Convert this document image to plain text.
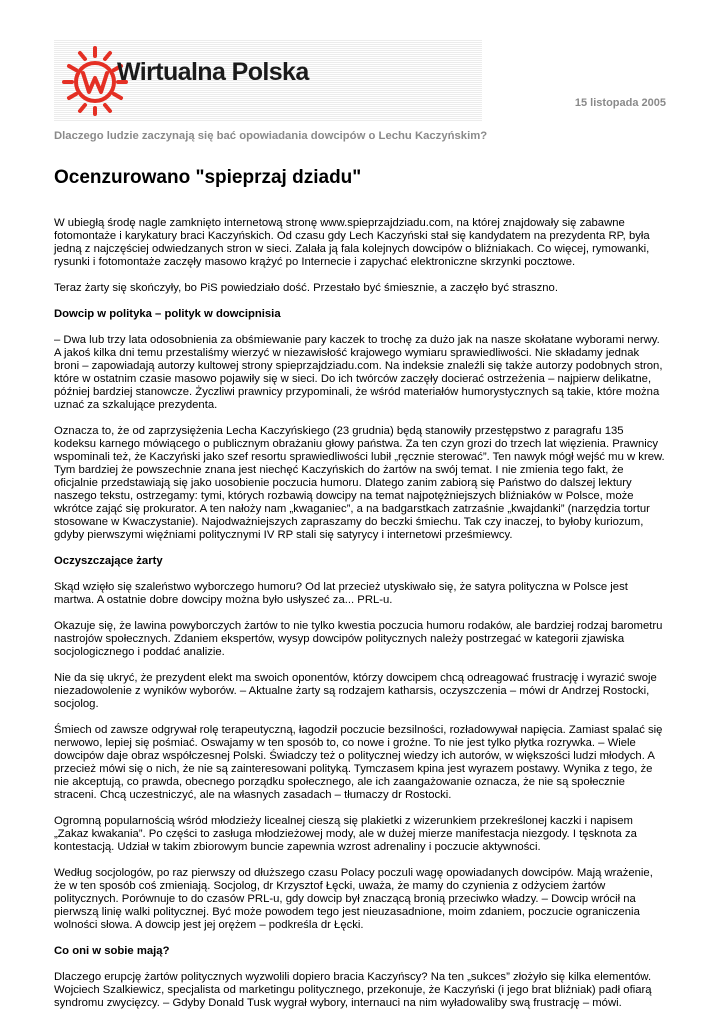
Wirtualna Polska
15 listopada 2005

Dlaczego ludzie zaczynają się bać opowiadania dowcipów o Lechu Kaczyńskim?

Ocenzurowano "spieprzaj dziadu"

W ubiegłą środę nagle zamknięto internetową stronę www.spieprzajdziadu.com, na której znajdowały się zabawne fotomontaże i karykatury braci Kaczyńskich. Od czasu gdy Lech Kaczyński stał się kandydatem na prezydenta RP, była jedną z najczęściej odwiedzanych stron w sieci. Zalała ją fala kolejnych dowcipów o bliźniakach. Co więcej, rymowanki, rysunki i fotomontaże zaczęły masowo krążyć po Internecie i zapychać elektroniczne skrzynki pocztowe.

Teraz żarty się skończyły, bo PiS powiedziało dość. Przestało być śmiesznie, a zaczęło być straszno.

Dowcip w polityka – polityk w dowcipnisia

– Dwa lub trzy lata odosobnienia za obśmiewanie pary kaczek to trochę za dużo jak na nasze skołatane wyborami nerwy. A jakoś kilka dni temu przestaliśmy wierzyć w niezawisłość krajowego wymiaru sprawiedliwości. Nie składamy jednak broni – zapowiadają autorzy kultowej strony spieprzajdziadu.com. Na indeksie znaleźli się także autorzy podobnych stron, które w ostatnim czasie masowo pojawiły się w sieci. Do ich twórców zaczęły docierać ostrzeżenia – najpierw delikatne, później bardziej stanowcze. Życzliwi prawnicy przypominali, że wśród materiałów humorystycznych są takie, które można uznać za szkalujące prezydenta.

Oznacza to, że od zaprzysiężenia Lecha Kaczyńskiego (23 grudnia) będą stanowiły przestępstwo z paragrafu 135 kodeksu karnego mówiącego o publicznym obrażaniu głowy państwa. Za ten czyn grozi do trzech lat więzienia. Prawnicy wspominali też, że Kaczyński jako szef resortu sprawiedliwości lubił „ręcznie sterować”. Ten nawyk mógł wejść mu w krew. Tym bardziej że powszechnie znana jest niechęć Kaczyńskich do żartów na swój temat. I nie zmienia tego fakt, że oficjalnie przedstawiają się jako uosobienie poczucia humoru. Dlatego zanim zabiorą się Państwo do dalszej lektury naszego tekstu, ostrzegamy: tymi, których rozbawią dowcipy na temat najpotężniejszych bliźniaków w Polsce, może wkrótce zająć się prokurator. A ten nałoży nam „kwaganiec”, a na badgarstkach zatrzaśnie „kwajdanki” (narzędzia tortur stosowane w Kwaczystanie). Najodważniejszych zapraszamy do beczki śmiechu. Tak czy inaczej, to byłoby kuriozum, gdyby pierwszymi więźniami politycznymi IV RP stali się satyrycy i internetowi prześmiewcy.

Oczyszczające żarty

Skąd wzięło się szaleństwo wyborczego humoru? Od lat przecież utyskiwało się, że satyra polityczna w Polsce jest martwa. A ostatnie dobre dowcipy można było usłyszeć za... PRL-u.

Okazuje się, że lawina powyborczych żartów to nie tylko kwestia poczucia humoru rodaków, ale bardziej rodzaj barometru nastrojów społecznych. Zdaniem ekspertów, wysyp dowcipów politycznych należy postrzegać w kategorii zjawiska socjologicznego i poddać analizie.

Nie da się ukryć, że prezydent elekt ma swoich oponentów, którzy dowcipem chcą odreagować frustrację i wyrazić swoje niezadowolenie z wyników wyborów. – Aktualne żarty są rodzajem katharsis, oczyszczenia – mówi dr Andrzej Rostocki, socjolog.

Śmiech od zawsze odgrywał rolę terapeutyczną, łagodził poczucie bezsilności, rozładowywał napięcia. Zamiast spalać się nerwowo, lepiej się pośmiać. Oswajamy w ten sposób to, co nowe i groźne. To nie jest tylko płytka rozrywka. – Wiele dowcipów daje obraz współczesnej Polski. Świadczy też o politycznej wiedzy ich autorów, w większości ludzi młodych. A przecież mówi się o nich, że nie są zainteresowani polityką. Tymczasem kpina jest wyrazem postawy. Wynika z tego, że nie akceptują, co prawda, obecnego porządku społecznego, ale ich zaangażowanie oznacza, że nie są społecznie straceni. Chcą uczestniczyć, ale na własnych zasadach – tłumaczy dr Rostocki.

Ogromną popularnością wśród młodzieży licealnej cieszą się plakietki z wizerunkiem przekreślonej kaczki i napisem „Zakaz kwakania”. Po części to zasługa młodzieżowej mody, ale w dużej mierze manifestacja niezgody. I tęsknota za kontestacją. Udział w takim zbiorowym buncie zapewnia wzrost adrenaliny i poczucie aktywności.

Według socjologów, po raz pierwszy od dłuższego czasu Polacy poczuli wagę opowiadanych dowcipów. Mają wrażenie, że w ten sposób coś zmieniają. Socjolog, dr Krzysztof Łęcki, uważa, że mamy do czynienia z odżyciem żartów politycznych. Porównuje to do czasów PRL-u, gdy dowcip był znaczącą bronią przeciwko władzy. – Dowcip wrócił na pierwszą linię walki politycznej. Być może powodem tego jest nieuzasadnione, moim zdaniem, poczucie ograniczenia wolności słowa. A dowcip jest jej orężem – podkreśla dr Łęcki.

Co oni w sobie mają?

Dlaczego erupcję żartów politycznych wyzwolili dopiero bracia Kaczyńscy? Na ten „sukces” złożyło się kilka elementów. Wojciech Szalkiewicz, specjalista od marketingu politycznego, przekonuje, że Kaczyński (i jego brat bliźniak) padł ofiarą syndromu zwycięzcy. – Gdyby Donald Tusk wygrał wybory, internauci na nim wyładowaliby swą frustrację – mówi.
